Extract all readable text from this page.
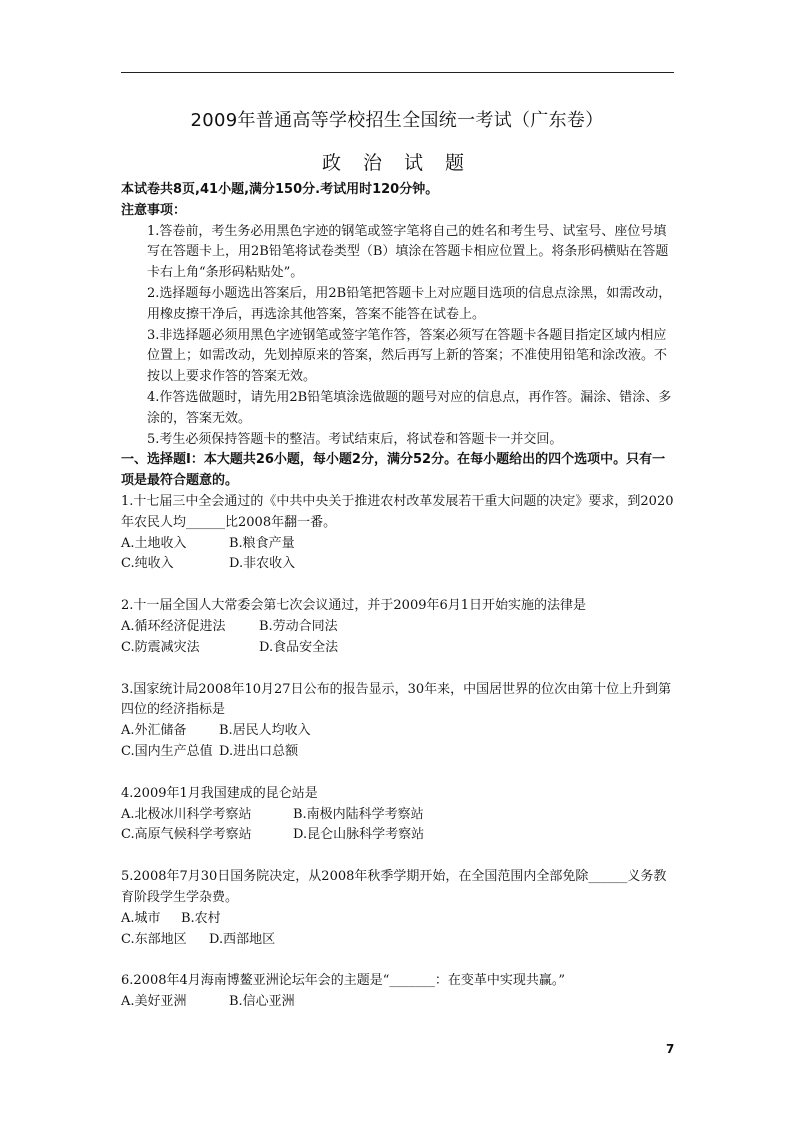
2009年普通高等学校招生全国统一考试（广东卷）
政 治 试 题

本试卷共8页,41小题,满分150分.考试用时120分钟。

注意事项：

1.答卷前，考生务必用黑色字迹的钢笔或签字笔将自己的姓名和考生号、试室号、座位号填写在答题卡上，用2B铅笔将试卷类型（B）填涂在答题卡相应位置上。将条形码横贴在答题卡右上角“条形码粘贴处”。

2.选择题每小题选出答案后，用2B铅笔把答题卡上对应题目选项的信息点涂黑，如需改动，用橡皮擦干净后，再选涂其他答案，答案不能答在试卷上。

3.非选择题必须用黑色字迹钢笔或签字笔作答，答案必须写在答题卡各题目指定区域内相应位置上；如需改动，先划掉原来的答案，然后再写上新的答案；不准使用铅笔和涂改液。不按以上要求作答的答案无效。

4.作答选做题时，请先用2B铅笔填涂选做题的题号对应的信息点，再作答。漏涂、错涂、多涂的，答案无效。

5.考生必须保持答题卡的整洁。考试结束后，将试卷和答题卡一并交回。

一、选择题Ⅰ：本大题共26小题，每小题2分，满分52分。在每小题给出的四个选项中。只有一项是最符合题意的。

1.十七届三中全会通过的《中共中央关于推进农村改革发展若干重大问题的决定》要求，到2020年农民人均______比2008年翻一番。

A.土地收入	B.粮食产量

C.纯收入	D.非农收入

2.十一届全国人大常委会第七次会议通过，并于2009年6月1日开始实施的法律是

A.循环经济促进法	B.劳动合同法

C.防震减灾法	D.食品安全法

3.国家统计局2008年10月27日公布的报告显示，30年来，中国居世界的位次由第十位上升到第四位的经济指标是

A.外汇储备 B.居民人均收入

C.国内生产总值 D.进出口总额

4.2009年1月我国建成的昆仑站是

A.北极冰川科学考察站	B.南极内陆科学考察站

C.高原气候科学考察站	D.昆仑山脉科学考察站

5.2008年7月30日国务院决定，从2008年秋季学期开始，在全国范围内全部免除______义务教育阶段学生学杂费。

A.城市 B.农村

C.东部地区 D.西部地区

6.2008年4月海南博鳌亚洲论坛年会的主题是“_______：在变革中实现共赢。”

A.美好亚洲	B.信心亚洲

7
